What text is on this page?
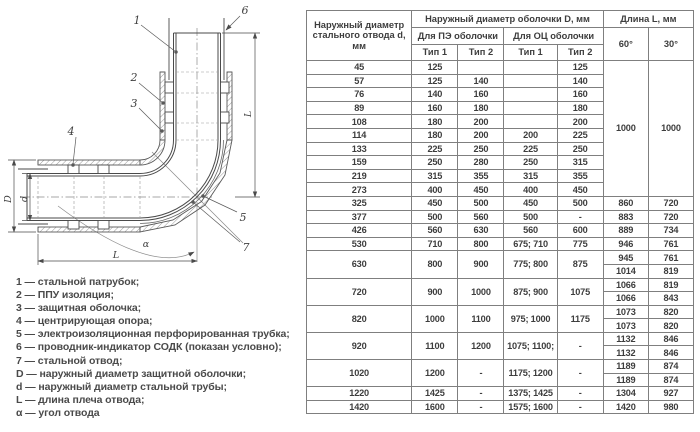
D d
L
L
α
1
6
2
3
4
5
7
1 — стальной патрубок;
2 — ППУ изоляция;
3 — защитная оболочка;
4 — центрирующая опора;
5 — электроизоляционная перфорированная трубка;
6 — проводник-индикатор СОДК (показан условно);
7 — стальной отвод;
D — наружный диаметр защитной оболочки;
d — наружный диаметр стальной трубы;
L — длина плеча отвода;
α — угол отвода
Наружный диаметр стального отвода d, мм	Наружный диаметр оболочки D, мм				Длина L, мм	
	Для ПЭ оболочки		Для ОЦ оболочки		60°	30°
	Тип 1	Тип 2	Тип 1	Тип 2		
45	125			125	1000	1000
57	125	140		140		
76	140	160		160		
89	160	180		180		
108	180	200		200		
114	180	200	200	225		
133	225	250	225	250		
159	250	280	250	315		
219	315	355	315	355		
273	400	450	400	450		
325	450	500	450	500	860	720
377	500	560	500	-	883	720
426	560	630	560	600	889	734
530	710	800	675; 710	775	946	761
630	800	900	775; 800	875	945	761
					1014	819
720	900	1000	875; 900	1075	1066	819
					1066	843
820	1000	1100	975; 1000	1175	1073	820
					1073	820
920	1100	1200	1075; 1100;	-	1132	846
					1132	846
1020	1200	-	1175; 1200	-	1189	874
					1189	874
1220	1425	-	1375; 1425	-	1304	927
1420	1600	-	1575; 1600	-	1420	980
